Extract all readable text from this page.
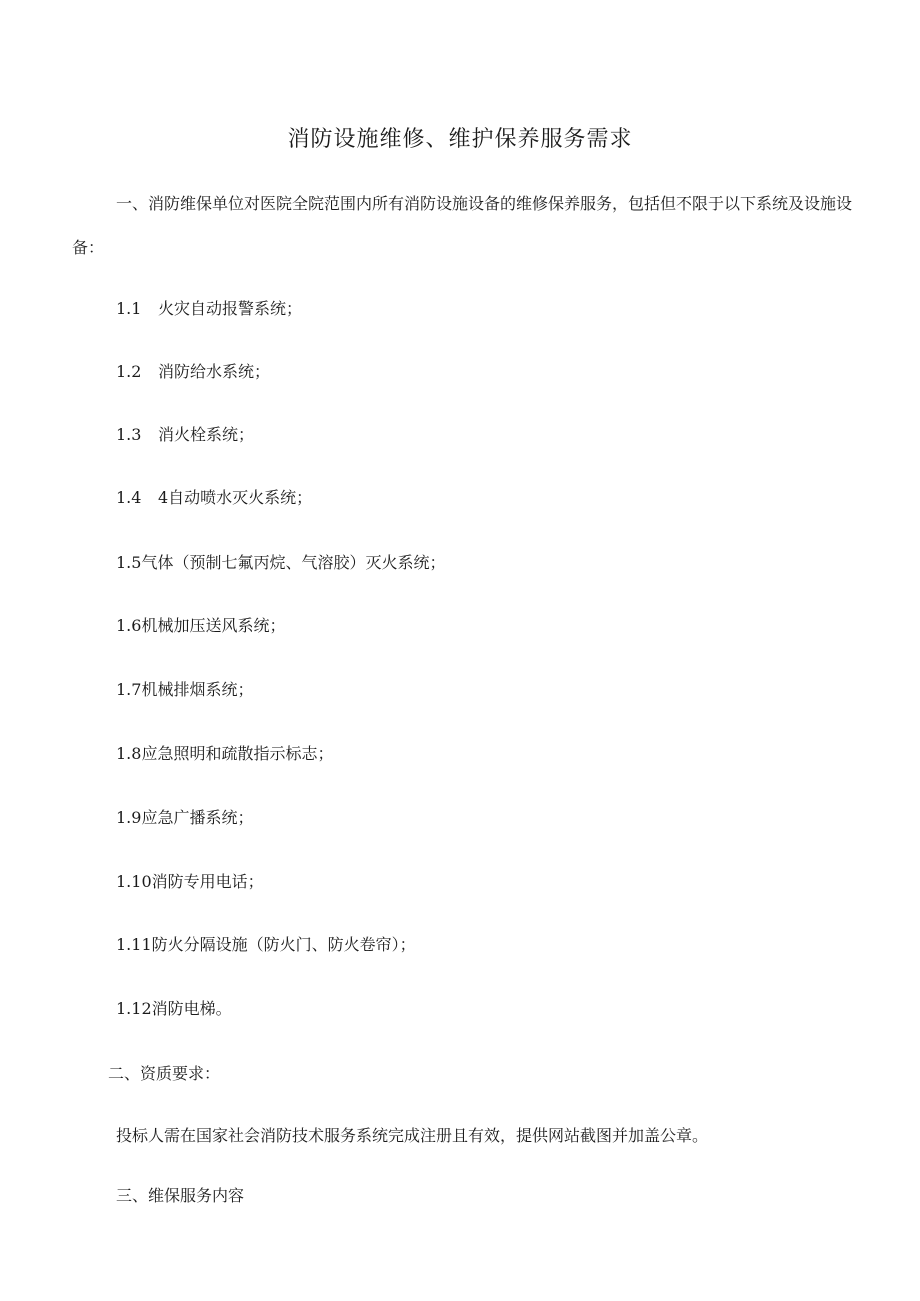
消防设施维修、维护保养服务需求
一、消防维保单位对医院全院范围内所有消防设施设备的维修保养服务，包括但不限于以下系统及设施设备：
1.1 火灾自动报警系统；
1.2 消防给水系统；
1.3 消火栓系统；
1.4 4自动喷水灭火系统；
1.5气体（预制七氟丙烷、气溶胶）灭火系统；
1.6机械加压送风系统；
1.7机械排烟系统；
1.8应急照明和疏散指示标志；
1.9应急广播系统；
1.10消防专用电话；
1.11防火分隔设施（防火门、防火卷帘）；
1.12消防电梯。
二、资质要求：
投标人需在国家社会消防技术服务系统完成注册且有效，提供网站截图并加盖公章。
三、维保服务内容
